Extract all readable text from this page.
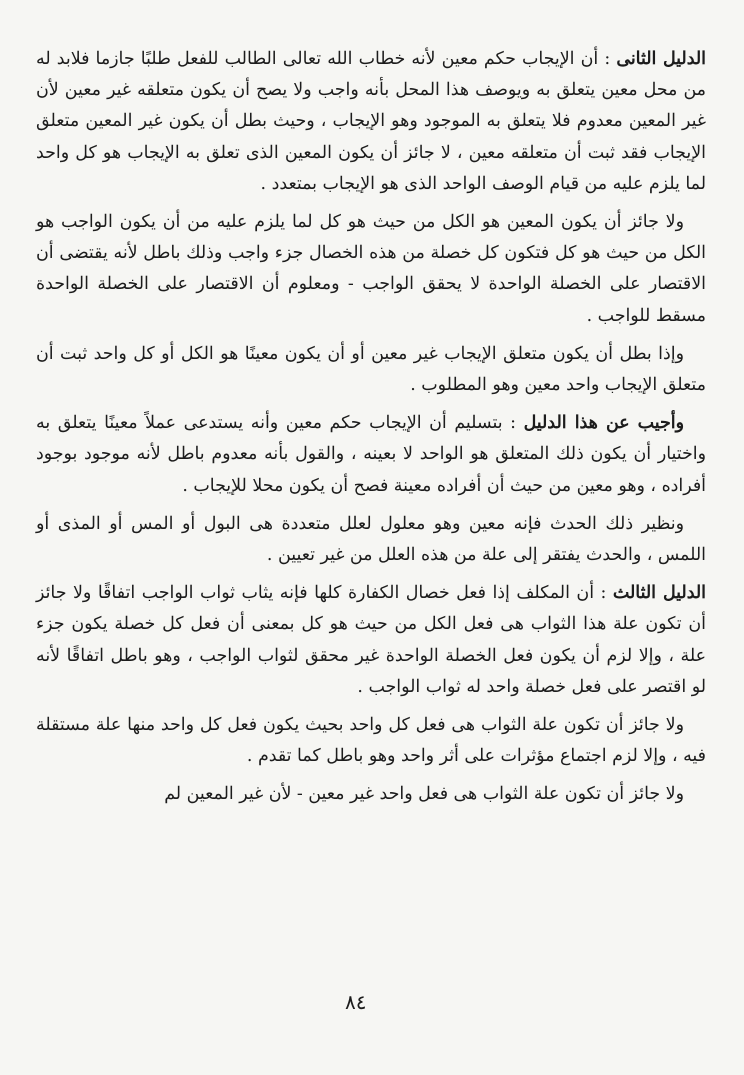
الدليل الثانى : أن الإيجاب حكم معين لأنه خطاب الله تعالى الطالب للفعل طلبًا جازما فلابد له من محل معين يتعلق به ويوصف هذا المحل بأنه واجب ولا يصح أن يكون متعلقه غير معين لأن غير المعين معدوم فلا يتعلق به الموجود وهو الإيجاب ، وحيث بطل أن يكون غير المعين متعلق الإيجاب فقد ثبت أن متعلقه معين ، لا جائز أن يكون المعين الذى تعلق به الإيجاب هو كل واحد لما يلزم عليه من قيام الوصف الواحد الذى هو الإيجاب بمتعدد .

ولا جائز أن يكون المعين هو الكل من حيث هو كل لما يلزم عليه من أن يكون الواجب هو الكل من حيث هو كل فتكون كل خصلة من هذه الخصال جزء واجب وذلك باطل لأنه يقتضى أن الاقتصار على الخصلة الواحدة لا يحقق الواجب - ومعلوم أن الاقتصار على الخصلة الواحدة مسقط للواجب .

وإذا بطل أن يكون متعلق الإيجاب غير معين أو أن يكون معينًا هو الكل أو كل واحد ثبت أن متعلق الإيجاب واحد معين وهو المطلوب .

وأجيب عن هذا الدليل : بتسليم أن الإيجاب حكم معين وأنه يستدعى عملاً معينًا يتعلق به واختيار أن يكون ذلك المتعلق هو الواحد لا بعينه ، والقول بأنه معدوم باطل لأنه موجود بوجود أفراده ، وهو معين من حيث أن أفراده معينة فصح أن يكون محلا للإيجاب .

ونظير ذلك الحدث فإنه معين وهو معلول لعلل متعددة هى البول أو المس أو المذى أو اللمس ، والحدث يفتقر إلى علة من هذه العلل من غير تعيين .

الدليل الثالث : أن المكلف إذا فعل خصال الكفارة كلها فإنه يثاب ثواب الواجب اتفاقًا ولا جائز أن تكون علة هذا الثواب هى فعل الكل من حيث هو كل بمعنى أن فعل كل خصلة يكون جزء علة ، وإلا لزم أن يكون فعل الخصلة الواحدة غير محقق لثواب الواجب ، وهو باطل اتفاقًا لأنه لو اقتصر على فعل خصلة واحد له ثواب الواجب .

ولا جائز أن تكون علة الثواب هى فعل كل واحد بحيث يكون فعل كل واحد منها علة مستقلة فيه ، وإلا لزم اجتماع مؤثرات على أثر واحد وهو باطل كما تقدم .

ولا جائز أن تكون علة الثواب هى فعل واحد غير معين - لأن غير المعين لم

٨٤
